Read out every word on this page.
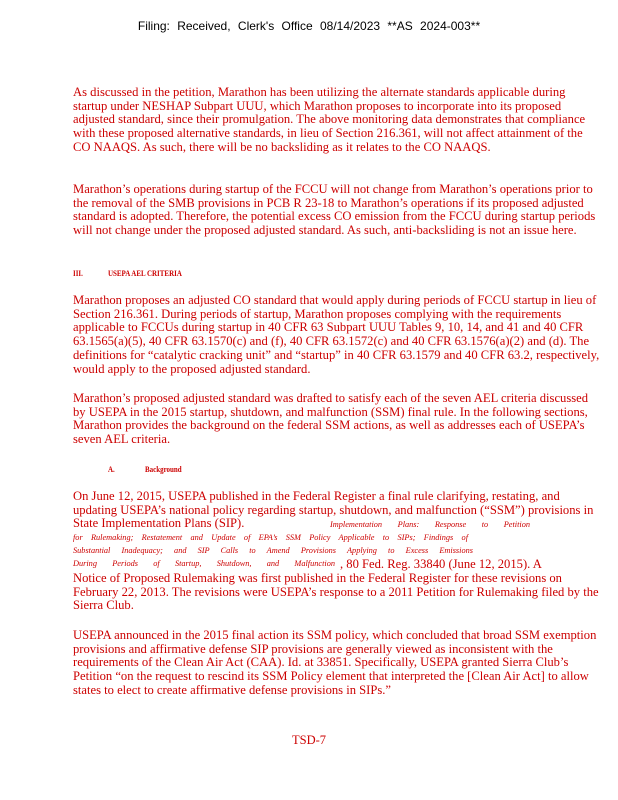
Filing: Received, Clerk's Office 08/14/2023 **AS 2024-003**

As discussed in the petition, Marathon has been utilizing the alternate standards applicable during startup under NESHAP Subpart UUU, which Marathon proposes to incorporate into its proposed adjusted standard, since their promulgation. The above monitoring data demonstrates that compliance with these proposed alternative standards, in lieu of Section 216.361, will not affect attainment of the CO NAAQS. As such, there will be no backsliding as it relates to the CO NAAQS.

Marathon’s operations during startup of the FCCU will not change from Marathon’s operations prior to the removal of the SMB provisions in PCB R 23-18 to Marathon’s operations if its proposed adjusted standard is adopted. Therefore, the potential excess CO emission from the FCCU during startup periods will not change under the proposed adjusted standard. As such, anti-backsliding is not an issue here.

III.	USEPA AEL CRITERIA

Marathon proposes an adjusted CO standard that would apply during periods of FCCU startup in lieu of Section 216.361. During periods of startup, Marathon proposes complying with the requirements applicable to FCCUs during startup in 40 CFR 63 Subpart UUU Tables 9, 10, 14, and 41 and 40 CFR 63.1565(a)(5), 40 CFR 63.1570(c) and (f), 40 CFR 63.1572(c) and 40 CFR 63.1576(a)(2) and (d). The definitions for “catalytic cracking unit” and “startup” in 40 CFR 63.1579 and 40 CFR 63.2, respectively, would apply to the proposed adjusted standard.

Marathon’s proposed adjusted standard was drafted to satisfy each of the seven AEL criteria discussed by USEPA in the 2015 startup, shutdown, and malfunction (SSM) final rule. In the following sections, Marathon provides the background on the federal SSM actions, as well as addresses each of USEPA’s seven AEL criteria.

A.	Background

On June 12, 2015, USEPA published in the Federal Register a final rule clarifying, restating, and updating USEPA’s national policy regarding startup, shutdown, and malfunction (“SSM”) provisions in State Implementation Plans (SIP).	Implementation Plans: Response to Petition
for Rulemaking; Restatement and Update of EPA’s SSM Policy Applicable to SIPs; Findings of
Substantial Inadequacy; and SIP Calls to Amend Provisions Applying to Excess Emissions
During Periods of Startup, Shutdown, and Malfunction , 80 Fed. Reg. 33840 (June 12, 2015). A

Notice of Proposed Rulemaking was first published in the Federal Register for these revisions on February 22, 2013. The revisions were USEPA’s response to a 2011 Petition for Rulemaking filed by the Sierra Club.

USEPA announced in the 2015 final action its SSM policy, which concluded that broad SSM exemption provisions and affirmative defense SIP provisions are generally viewed as inconsistent with the requirements of the Clean Air Act (CAA). Id. at 33851. Specifically, USEPA granted Sierra Club’s Petition “on the request to rescind its SSM Policy element that interpreted the [Clean Air Act] to allow states to elect to create affirmative defense provisions in SIPs.”

TSD-7
